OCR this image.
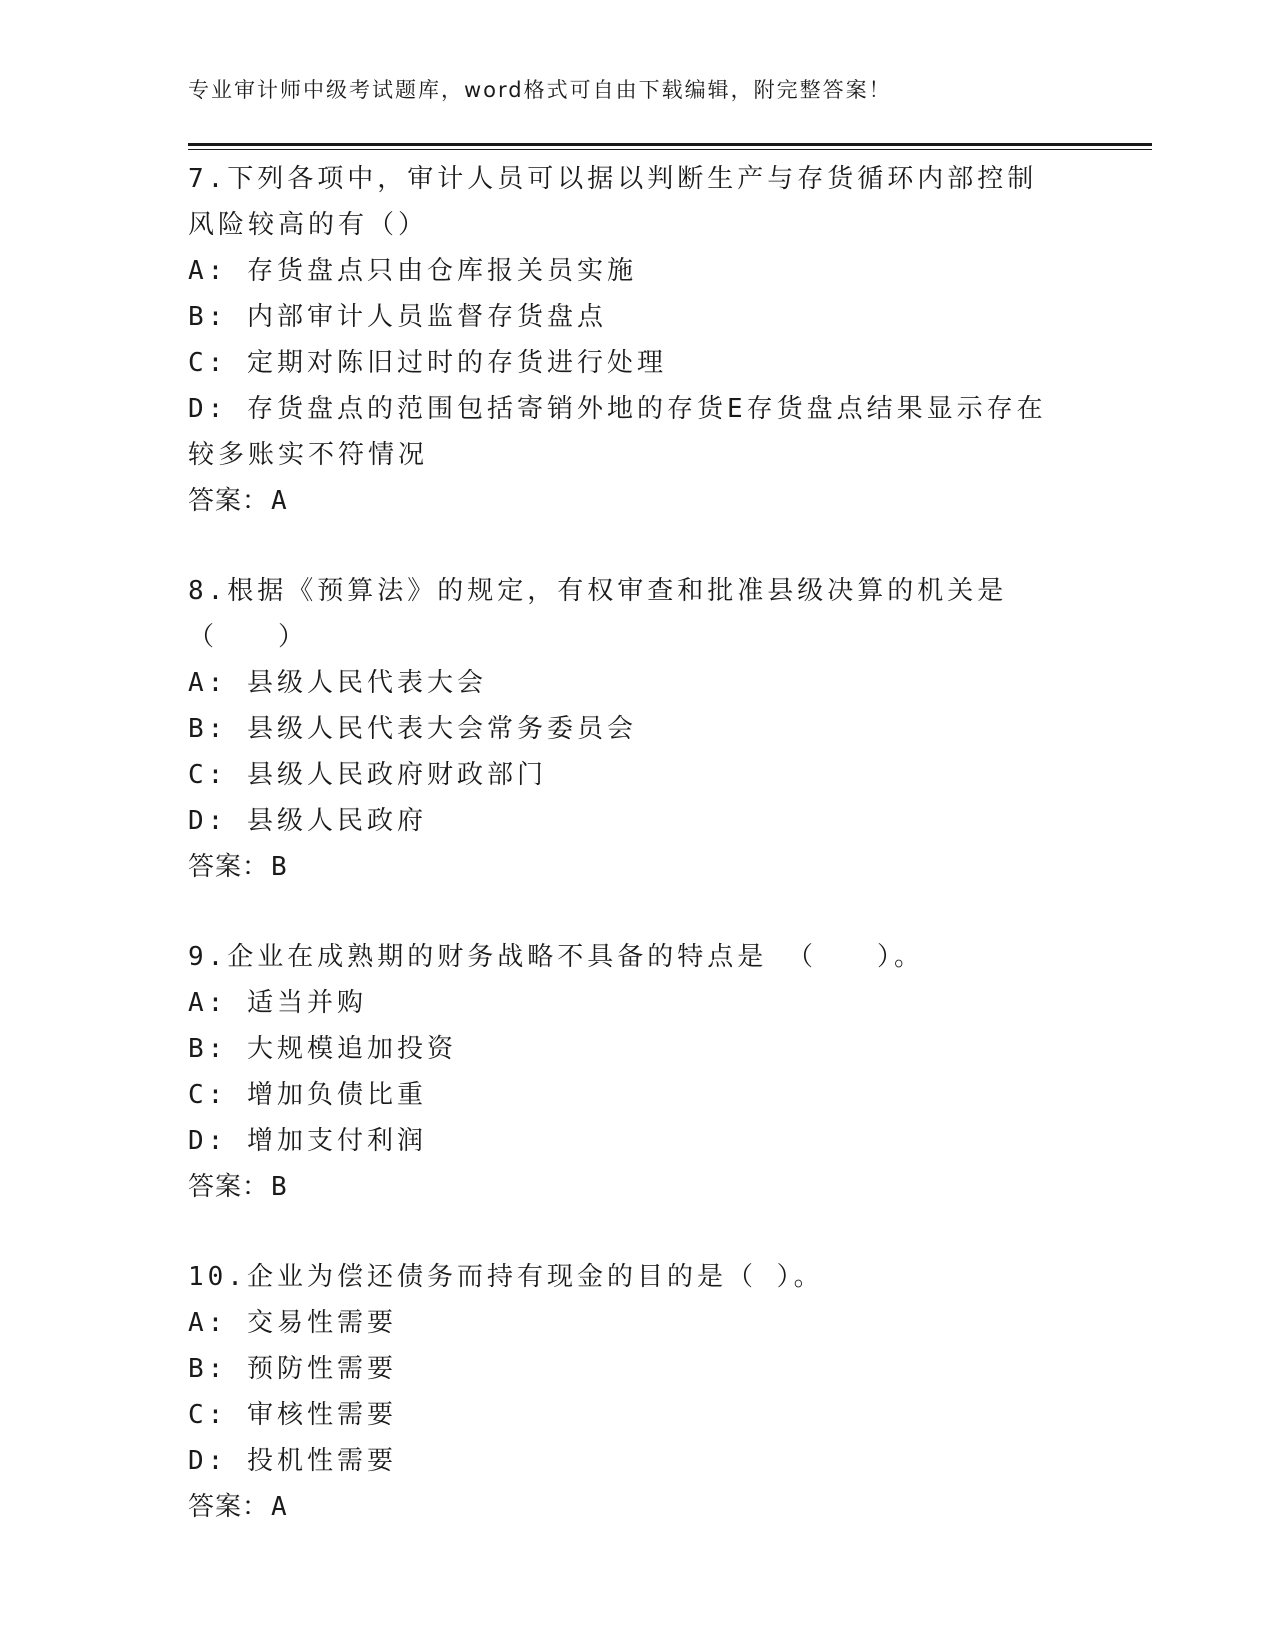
专业审计师中级考试题库，word格式可自由下载编辑，附完整答案！

7.下列各项中，审计人员可以据以判断生产与存货循环内部控制风险较高的有（）

A: 存货盘点只由仓库报关员实施

B: 内部审计人员监督存货盘点

C: 定期对陈旧过时的存货进行处理

D: 存货盘点的范围包括寄销外地的存货E存货盘点结果显示存在较多账实不符情况

答案：A

8.根据《预算法》的规定，有权审查和批准县级决算的机关是（　　）

A: 县级人民代表大会

B: 县级人民代表大会常务委员会

C: 县级人民政府财政部门

D: 县级人民政府

答案：B

9.企业在成熟期的财务战略不具备的特点是 （　　）。

A: 适当并购

B: 大规模追加投资

C: 增加负债比重

D: 增加支付利润

答案：B

10.企业为偿还债务而持有现金的目的是（ ）。

A: 交易性需要

B: 预防性需要

C: 审核性需要

D: 投机性需要

答案：A
